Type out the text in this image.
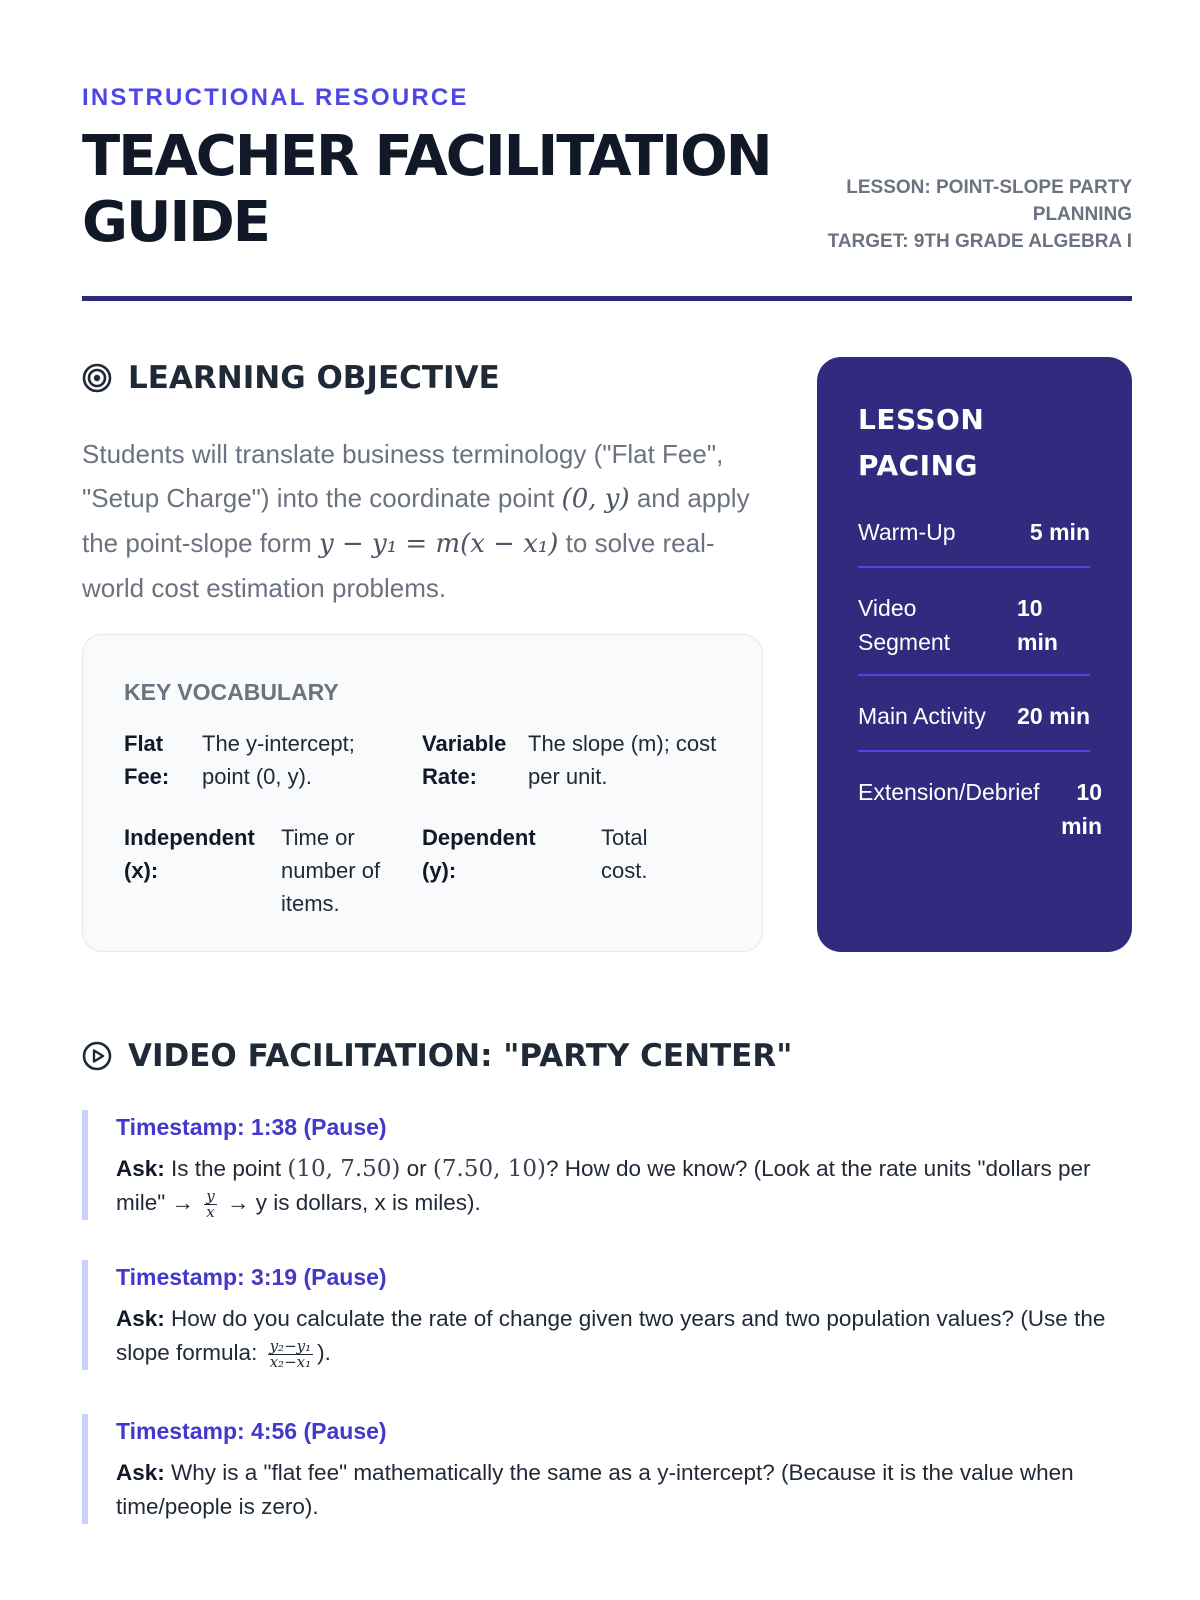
INSTRUCTIONAL RESOURCE
TEACHER FACILITATION
GUIDE
LESSON: POINT-SLOPE PARTY PLANNING
TARGET: 9TH GRADE ALGEBRA I
LEARNING OBJECTIVE
Students will translate business terminology ("Flat Fee", "Setup Charge") into the coordinate point (0, y) and apply the point-slope form y − y₁ = m(x − x₁) to solve real-world cost estimation problems.
KEY VOCABULARY
Flat Fee:
The y-intercept; point (0, y).
Variable Rate:
The slope (m); cost per unit.
Independent (x):
Time or number of items.
Dependent (y):
Total cost.
LESSON PACING
Warm-Up	5 min
Video Segment
10 min
Main Activity 20 min
Extension/Debrief	10 min
VIDEO FACILITATION: "PARTY CENTER"
Timestamp: 1:38 (Pause)
Ask: Is the point (10, 7.50) or (7.50, 10)? How do we know? (Look at the rate units "dollars per mile" → $\frac{y}{x} \to y$ is dollars, x is miles).
Timestamp: 3:19 (Pause)
Ask: How do you calculate the rate of change given two years and two population values? (Use the slope formula: $\frac{\text{y₂−y₁}}{\text{x₂−x₁}}$ ).
Timestamp: 4:56 (Pause)
Ask: Why is a "flat fee" mathematically the same as a y-intercept? (Because it is the value when time/people is zero).
